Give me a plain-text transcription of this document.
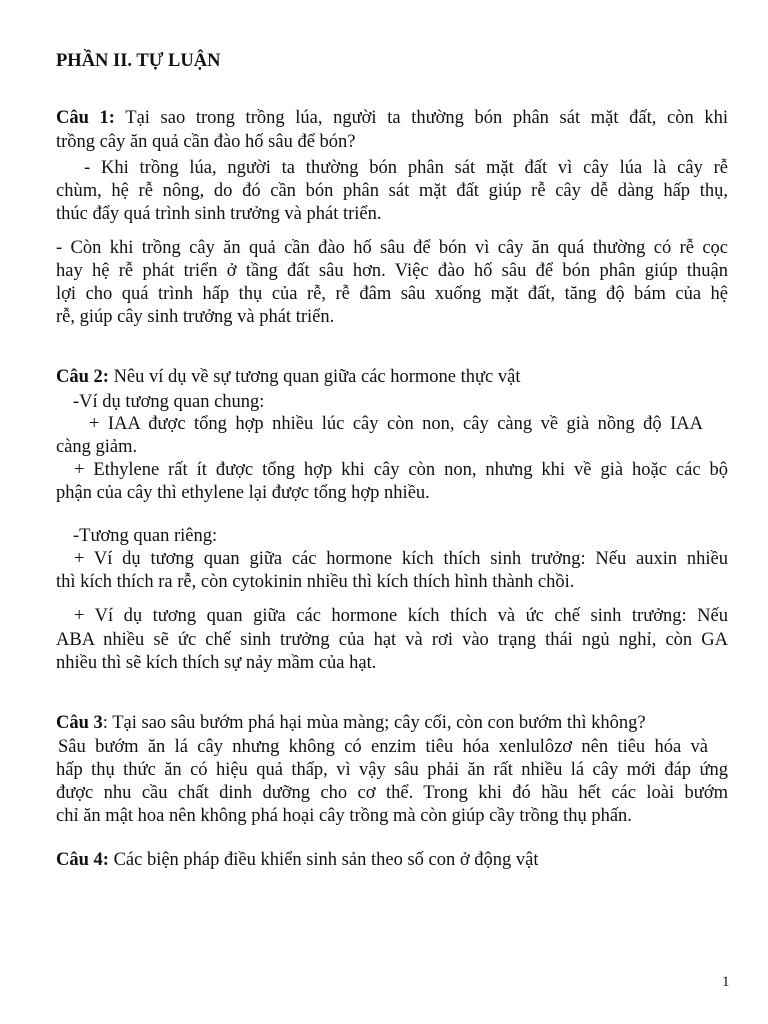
PHẦN II. TỰ LUẬN

Câu 1: Tại sao trong trồng lúa, người ta thường bón phân sát mặt đất, còn khi

trồng cây ăn quả cần đào hố sâu để bón?

- Khi trồng lúa, người ta thường bón phân sát mặt đất vì cây lúa là cây rễ

chùm, hệ rễ nông, do đó cần bón phân sát mặt đất giúp rễ cây dễ dàng hấp thụ,

thúc đẩy quá trình sinh trưởng và phát triển.

- Còn khi trồng cây ăn quả cần đào hố sâu để bón vì cây ăn quá thường có rễ cọc

hay hệ rễ phát triển ở tầng đất sâu hơn. Việc đào hố sâu để bón phân giúp thuận

lợi cho quá trình hấp thụ của rễ, rễ đâm sâu xuống mặt đất, tăng độ bám của hệ

rễ, giúp cây sinh trưởng và phát triển.

Câu 2: Nêu ví dụ về sự tương quan giữa các hormone thực vật

-Ví dụ tương quan chung:

+ IAA được tổng hợp nhiều lúc cây còn non, cây càng về già nồng độ IAA

càng giảm.

+ Ethylene rất ít được tổng hợp khi cây còn non, nhưng khi về già hoặc các bộ

phận của cây thì ethylene lại được tổng hợp nhiều.

-Tương quan riêng:

+ Ví dụ tương quan giữa các hormone kích thích sinh trưởng: Nếu auxin nhiều

thì kích thích ra rễ, còn cytokinin nhiều thì kích thích hình thành chồi.

+ Ví dụ tương quan giữa các hormone kích thích và ức chế sinh trưởng: Nếu

ABA nhiều sẽ ức chế sinh trưởng của hạt và rơi vào trạng thái ngủ nghỉ, còn GA

nhiều thì sẽ kích thích sự nảy mầm của hạt.

Câu 3: Tại sao sâu bướm phá hại mùa màng; cây cối, còn con bướm thì không?

Sâu bướm ăn lá cây nhưng không có enzim tiêu hóa xenlulôzơ nên tiêu hóa và

hấp thụ thức ăn có hiệu quả thấp, vì vậy sâu phải ăn rất nhiều lá cây mới đáp ứng

được nhu cầu chất dinh dưỡng cho cơ thể. Trong khi đó hầu hết các loài bướm

chỉ ăn mật hoa nên không phá hoại cây trồng mà còn giúp cầy trồng thụ phấn.

Câu 4: Các biện pháp điều khiển sinh sản theo số con ở động vật

1
